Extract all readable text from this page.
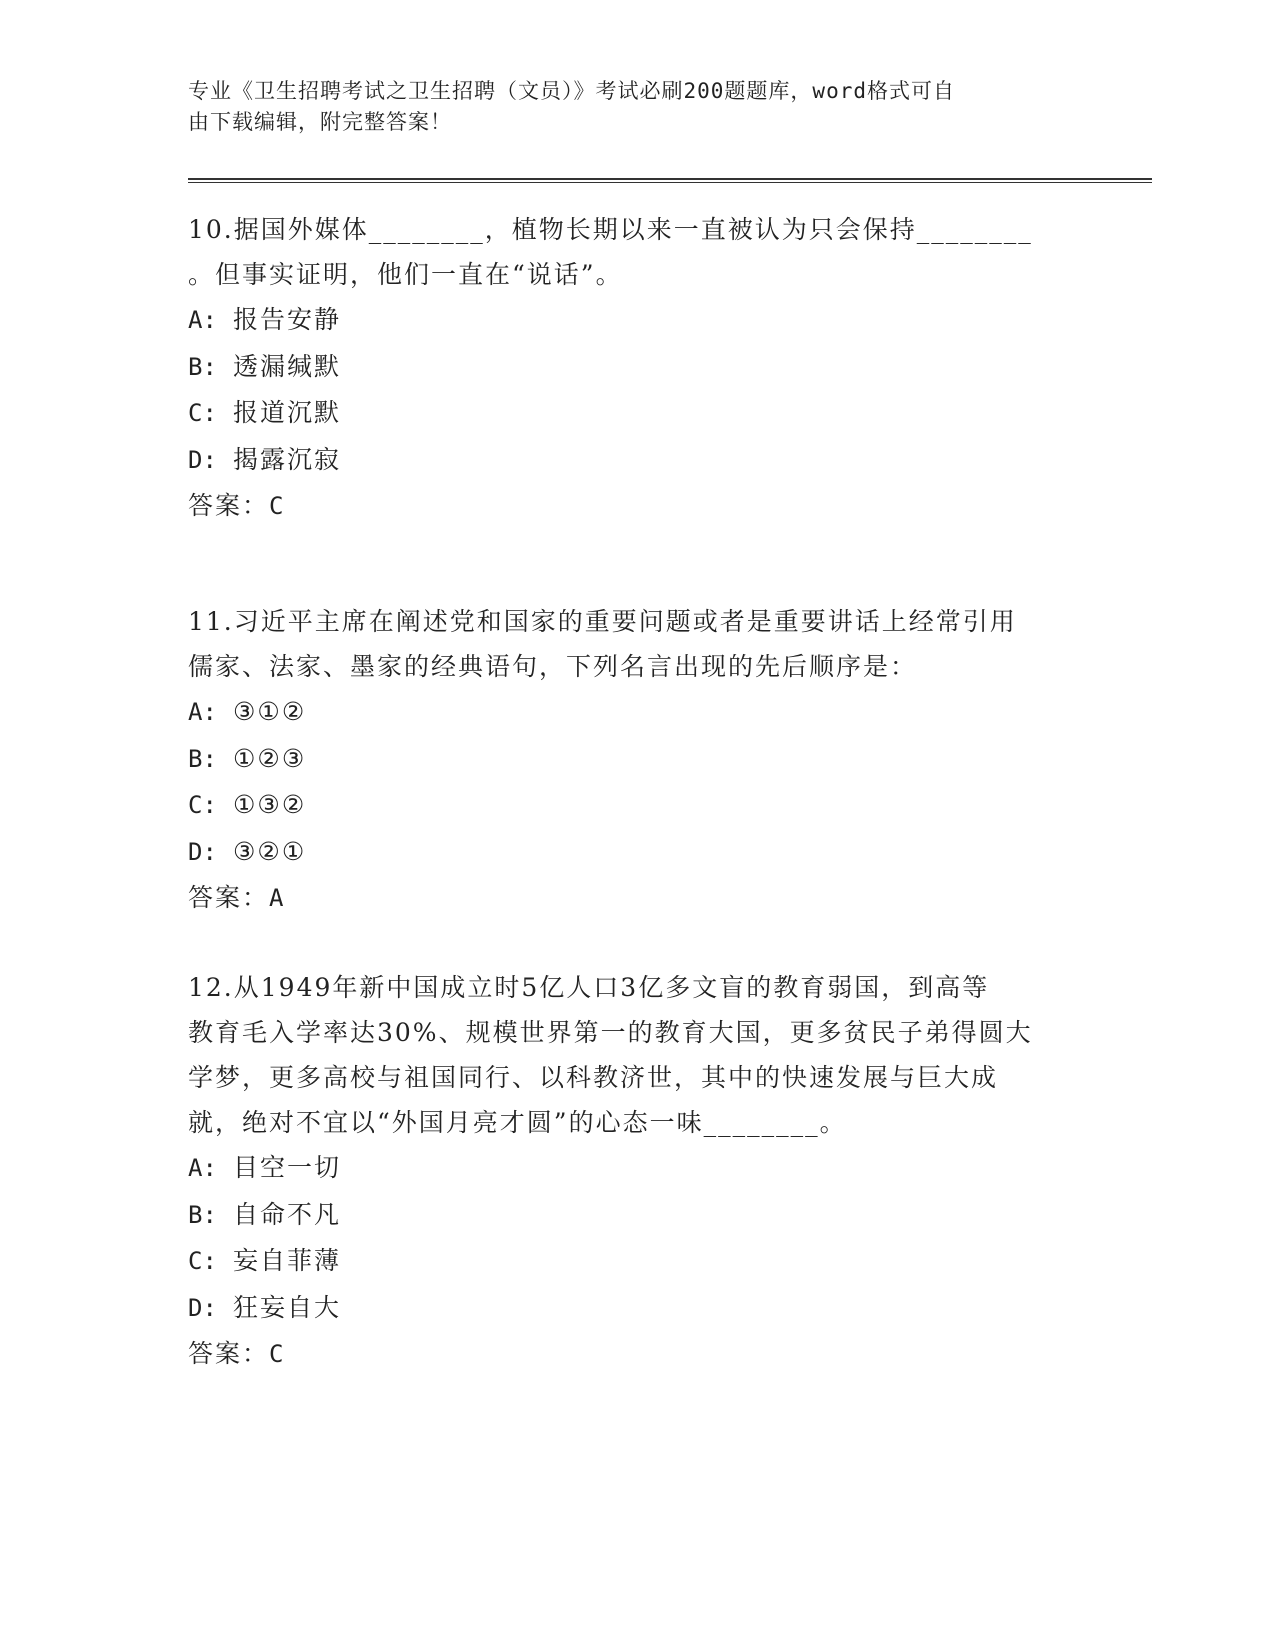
专业《卫生招聘考试之卫生招聘（文员）》考试必刷200题题库，word格式可自
由下载编辑，附完整答案！
10.据国外媒体________，植物长期以来一直被认为只会保持________
。但事实证明，他们一直在“说话”。
A: 报告安静
B: 透漏缄默
C: 报道沉默
D: 揭露沉寂
答案：C
11.习近平主席在阐述党和国家的重要问题或者是重要讲话上经常引用
儒家、法家、墨家的经典语句，下列名言出现的先后顺序是：
A: ③①②
B: ①②③
C: ①③②
D: ③②①
答案：A
12.从1949年新中国成立时5亿人口3亿多文盲的教育弱国，到高等
教育毛入学率达30%、规模世界第一的教育大国，更多贫民子弟得圆大
学梦，更多高校与祖国同行、以科教济世，其中的快速发展与巨大成
就，绝对不宜以“外国月亮才圆”的心态一味________。
A: 目空一切
B: 自命不凡
C: 妄自菲薄
D: 狂妄自大
答案：C
